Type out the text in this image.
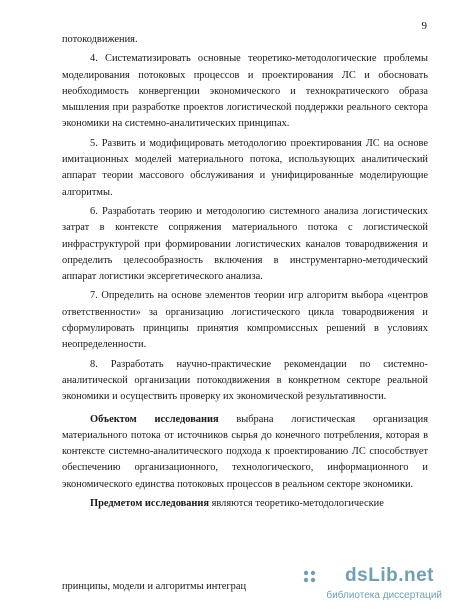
9

потокодвижения.

4. Систематизировать основные теоретико-методологические проблемы моделирования потоковых процессов и проектирования ЛС и обосновать необходимость конвергенции экономического и технократического образа мышления при разработке проектов логистической поддержки реального сектора экономики на системно-аналитических принципах.

5. Развить и модифицировать методологию проектирования ЛС на основе имитационных моделей материального потока, использующих аналитический аппарат теории массового обслуживания и унифицированные моделирующие алгоритмы.

6. Разработать теорию и методологию системного анализа логистических затрат в контексте сопряжения материального потока с логистической инфраструктурой при формировании логистических каналов товародвижения и определить целесообразность включения в инструментарно-методический аппарат логистики эксергетического анализа.

7. Определить на основе элементов теории игр алгоритм выбора «центров ответственности» за организацию логистического цикла товародвижения и сформулировать принципы принятия компромиссных решений в условиях неопределенности.

8. Разработать научно-практические рекомендации по системно-аналитической организации потокодвижения в конкретном секторе реальной экономики и осуществить проверку их экономической результативности.

Объектом исследования выбрана логистическая организация материального потока от источников сырья до конечного потребления, которая в контексте системно-аналитического подхода к проектированию ЛС способствует обеспечению организационного, технологического, информационного и экономического единства потоковых процессов в реальном секторе экономики.

Предметом исследования являются теоретико-методологические

принципы, модели и алгоритмы интеграц
dsLib.net
библиотека диссертаций
